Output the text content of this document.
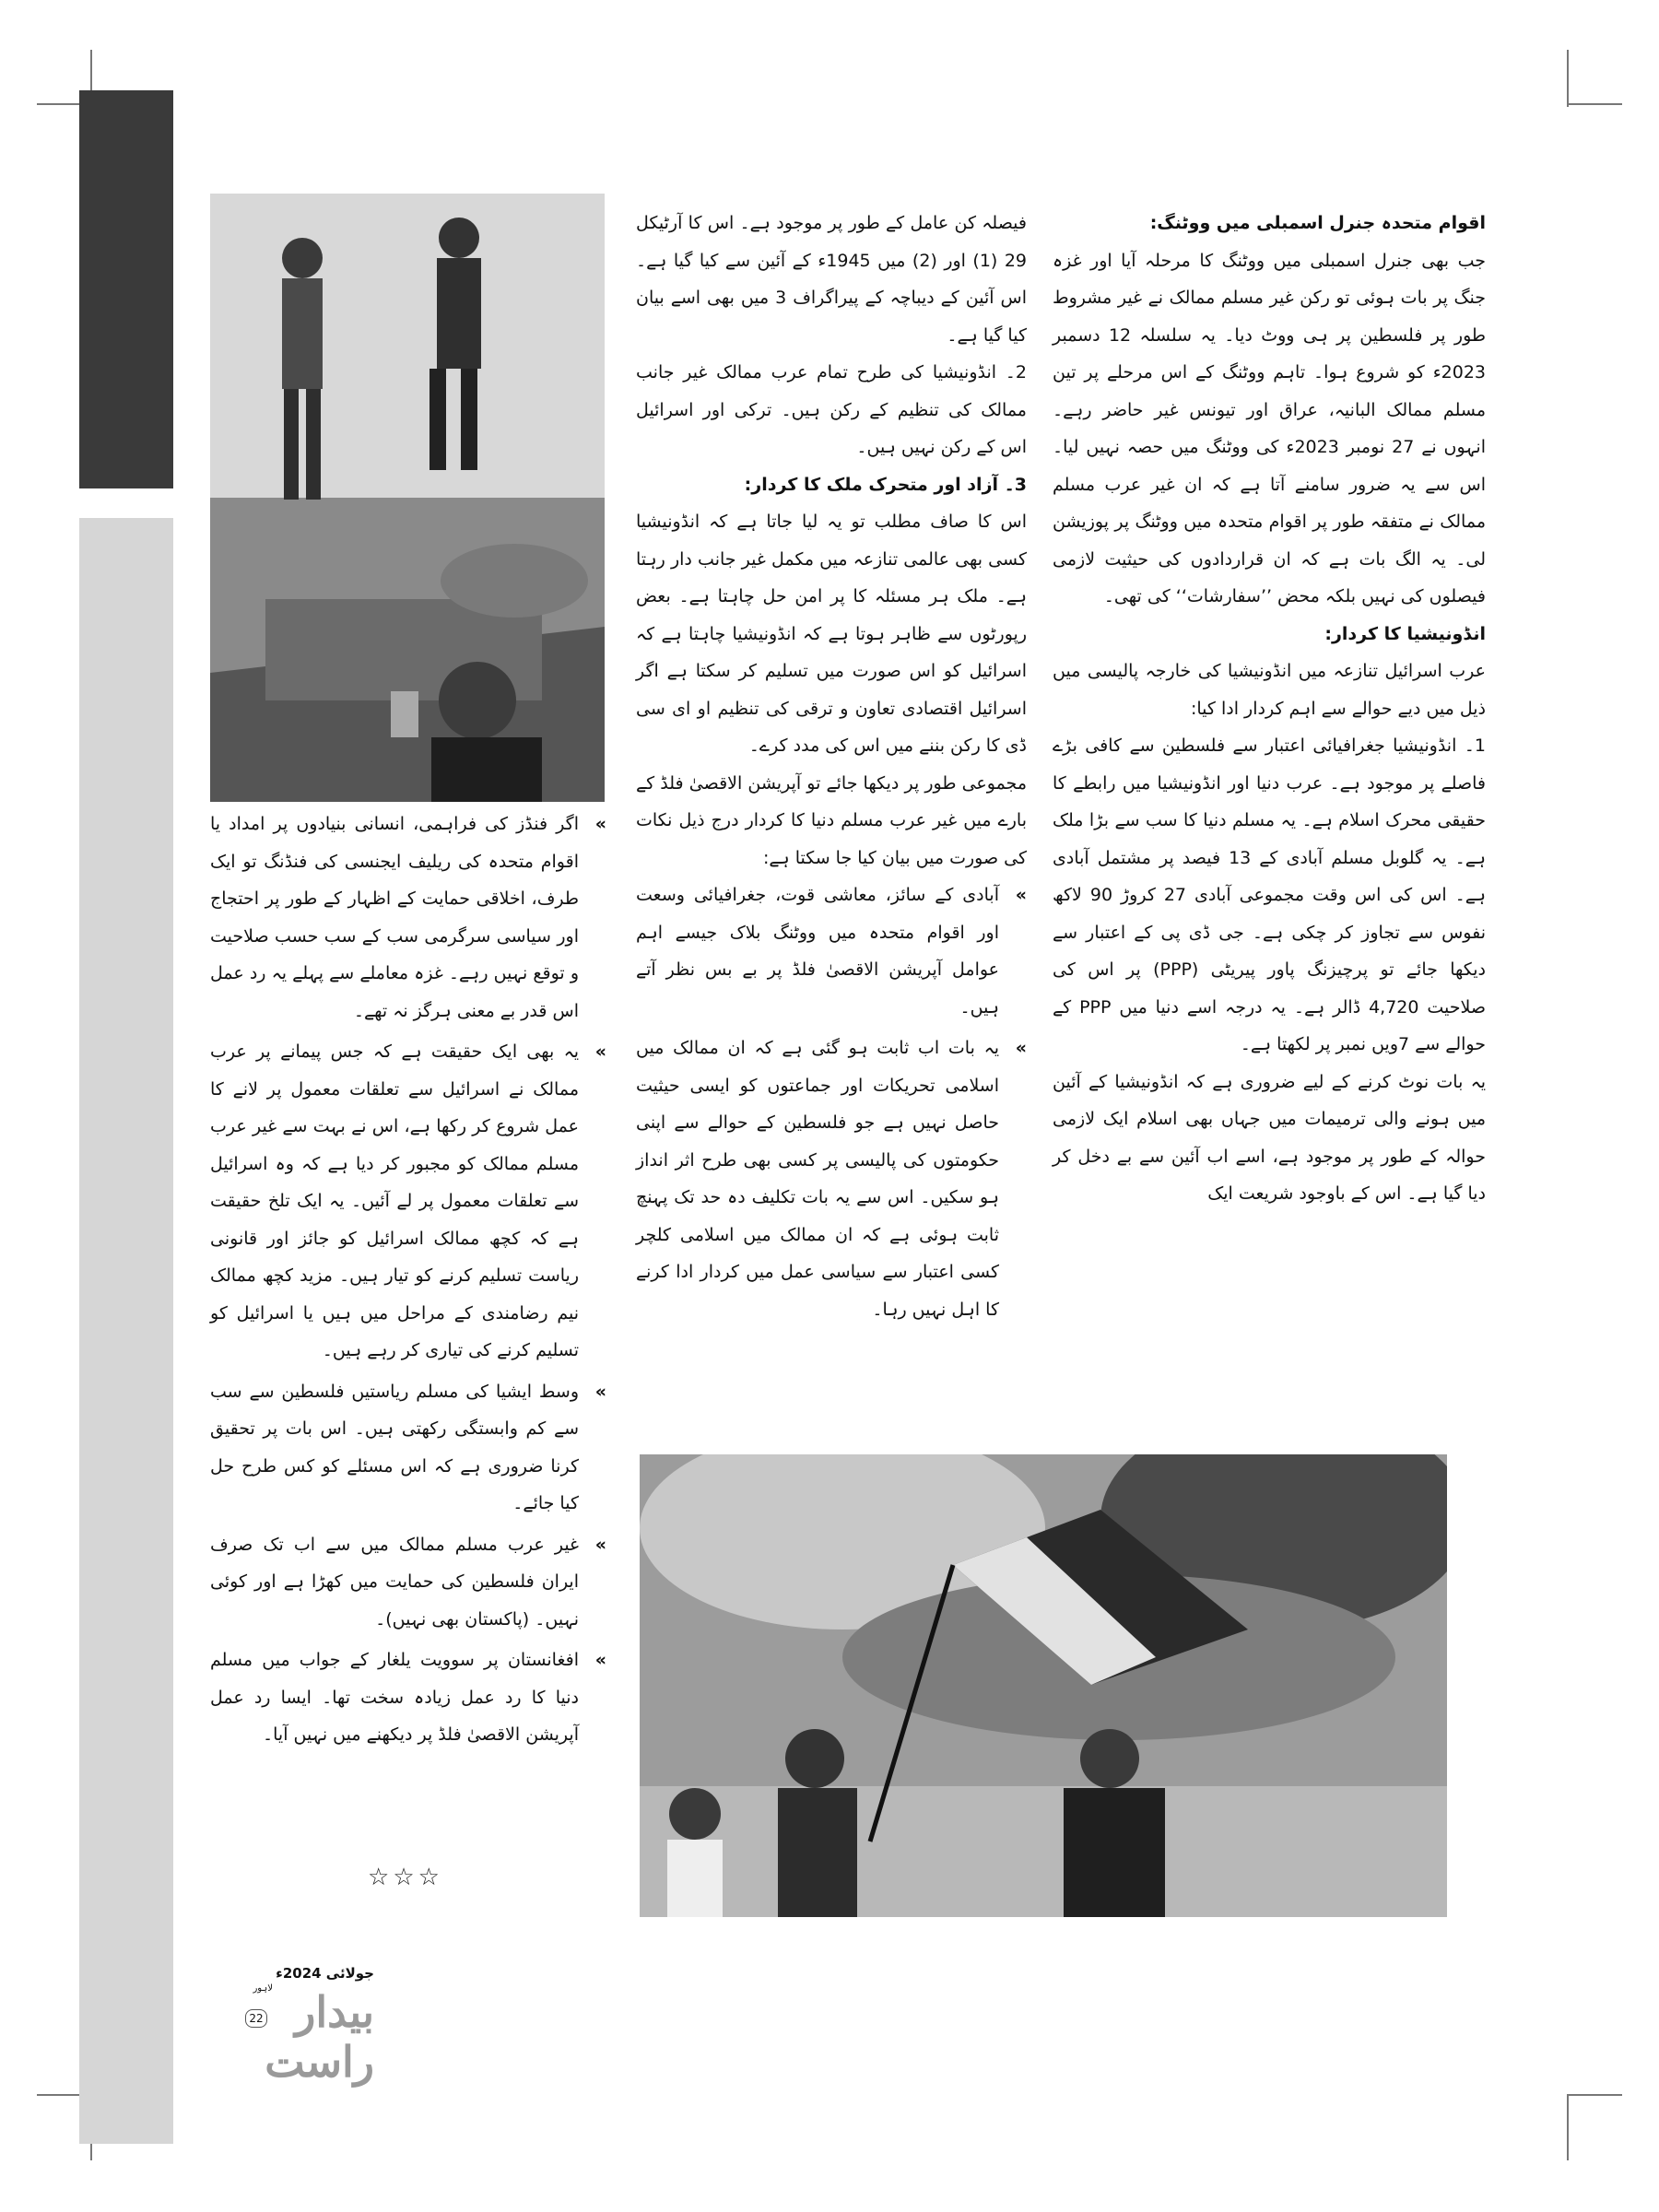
اقوام متحدہ جنرل اسمبلی میں ووٹنگ:

جب بھی جنرل اسمبلی میں ووٹنگ کا مرحلہ آیا اور غزہ جنگ پر بات ہوئی تو رکن غیر مسلم ممالک نے غیر مشروط طور پر فلسطین پر ہی ووٹ دیا۔ یہ سلسلہ 12 دسمبر 2023ء کو شروع ہوا۔ تاہم ووٹنگ کے اس مرحلے پر تین مسلم ممالک البانیہ، عراق اور تیونس غیر حاضر رہے۔ انہوں نے 27 نومبر 2023ء کی ووٹنگ میں حصہ نہیں لیا۔ اس سے یہ ضرور سامنے آتا ہے کہ ان غیر عرب مسلم ممالک نے متفقہ طور پر اقوام متحدہ میں ووٹنگ پر پوزیشن لی۔ یہ الگ بات ہے کہ ان قراردادوں کی حیثیت لازمی فیصلوں کی نہیں بلکہ محض ’’سفارشات‘‘ کی تھی۔

انڈونیشیا کا کردار:

عرب اسرائیل تنازعہ میں انڈونیشیا کی خارجہ پالیسی میں ذیل میں دیے حوالے سے اہم کردار ادا کیا:

1۔ انڈونیشیا جغرافیائی اعتبار سے فلسطین سے کافی بڑے فاصلے پر موجود ہے۔ عرب دنیا اور انڈونیشیا میں رابطے کا حقیقی محرک اسلام ہے۔ یہ مسلم دنیا کا سب سے بڑا ملک ہے۔ یہ گلوبل مسلم آبادی کے 13 فیصد پر مشتمل آبادی ہے۔ اس کی اس وقت مجموعی آبادی 27 کروڑ 90 لاکھ نفوس سے تجاوز کر چکی ہے۔ جی ڈی پی کے اعتبار سے دیکھا جائے تو پرچیزنگ پاور پیریٹی (PPP) پر اس کی صلاحیت 4,720 ڈالر ہے۔ یہ درجہ اسے دنیا میں PPP کے حوالے سے 7ویں نمبر پر لکھتا ہے۔

یہ بات نوٹ کرنے کے لیے ضروری ہے کہ انڈونیشیا کے آئین میں ہونے والی ترمیمات میں جہاں بھی اسلام ایک لازمی حوالہ کے طور پر موجود ہے، اسے اب آئین سے بے دخل کر دیا گیا ہے۔ اس کے باوجود شریعت ایک

فیصلہ کن عامل کے طور پر موجود ہے۔ اس کا آرٹیکل 29 (1) اور (2) میں 1945ء کے آئین سے کیا گیا ہے۔ اس آئین کے دیباچہ کے پیراگراف 3 میں بھی اسے بیان کیا گیا ہے۔

2۔ انڈونیشیا کی طرح تمام عرب ممالک غیر جانب ممالک کی تنظیم کے رکن ہیں۔ ترکی اور اسرائیل اس کے رکن نہیں ہیں۔

3۔ آزاد اور متحرک ملک کا کردار:

اس کا صاف مطلب تو یہ لیا جاتا ہے کہ انڈونیشیا کسی بھی عالمی تنازعہ میں مکمل غیر جانب دار رہتا ہے۔ ملک ہر مسئلہ کا پر امن حل چاہتا ہے۔ بعض رپورٹوں سے ظاہر ہوتا ہے کہ انڈونیشیا چاہتا ہے کہ اسرائیل کو اس صورت میں تسلیم کر سکتا ہے اگر اسرائیل اقتصادی تعاون و ترقی کی تنظیم او ای سی ڈی کا رکن بننے میں اس کی مدد کرے۔

مجموعی طور پر دیکھا جائے تو آپریشن الاقصیٰ فلڈ کے بارے میں غیر عرب مسلم دنیا کا کردار درج ذیل نکات کی صورت میں بیان کیا جا سکتا ہے:

»
آبادی کے سائز، معاشی قوت، جغرافیائی وسعت اور اقوام متحدہ میں ووٹنگ بلاک جیسے اہم عوامل آپریشن الاقصیٰ فلڈ پر بے بس نظر آتے ہیں۔

»
یہ بات اب ثابت ہو گئی ہے کہ ان ممالک میں اسلامی تحریکات اور جماعتوں کو ایسی حیثیت حاصل نہیں ہے جو فلسطین کے حوالے سے اپنی حکومتوں کی پالیسی پر کسی بھی طرح اثر انداز ہو سکیں۔ اس سے یہ بات تکلیف دہ حد تک پہنچ ثابت ہوئی ہے کہ ان ممالک میں اسلامی کلچر کسی اعتبار سے سیاسی عمل میں کردار ادا کرنے کا اہل نہیں رہا۔

»
اگر فنڈز کی فراہمی، انسانی بنیادوں پر امداد یا اقوام متحدہ کی ریلیف ایجنسی کی فنڈنگ تو ایک طرف، اخلاقی حمایت کے اظہار کے طور پر احتجاج اور سیاسی سرگرمی سب کے سب حسب صلاحیت و توقع نہیں رہے۔ غزہ معاملے سے پہلے یہ رد عمل اس قدر بے معنی ہرگز نہ تھے۔

»
یہ بھی ایک حقیقت ہے کہ جس پیمانے پر عرب ممالک نے اسرائیل سے تعلقات معمول پر لانے کا عمل شروع کر رکھا ہے، اس نے بہت سے غیر عرب مسلم ممالک کو مجبور کر دیا ہے کہ وہ اسرائیل سے تعلقات معمول پر لے آئیں۔ یہ ایک تلخ حقیقت ہے کہ کچھ ممالک اسرائیل کو جائز اور قانونی ریاست تسلیم کرنے کو تیار ہیں۔ مزید کچھ ممالک نیم رضامندی کے مراحل میں ہیں یا اسرائیل کو تسلیم کرنے کی تیاری کر رہے ہیں۔

»
وسط ایشیا کی مسلم ریاستیں فلسطین سے سب سے کم وابستگی رکھتی ہیں۔ اس بات پر تحقیق کرنا ضروری ہے کہ اس مسئلے کو کس طرح حل کیا جائے۔

»
غیر عرب مسلم ممالک میں سے اب تک صرف ایران فلسطین کی حمایت میں کھڑا ہے اور کوئی نہیں۔ (پاکستان بھی نہیں)۔

»
افغانستان پر سوویت یلغار کے جواب میں مسلم دنیا کا رد عمل زیادہ سخت تھا۔ ایسا رد عمل آپریشن الاقصیٰ فلڈ پر دیکھنے میں نہیں آیا۔

☆☆☆
جولائی 2024ء
لاہور بیدار راست
22
